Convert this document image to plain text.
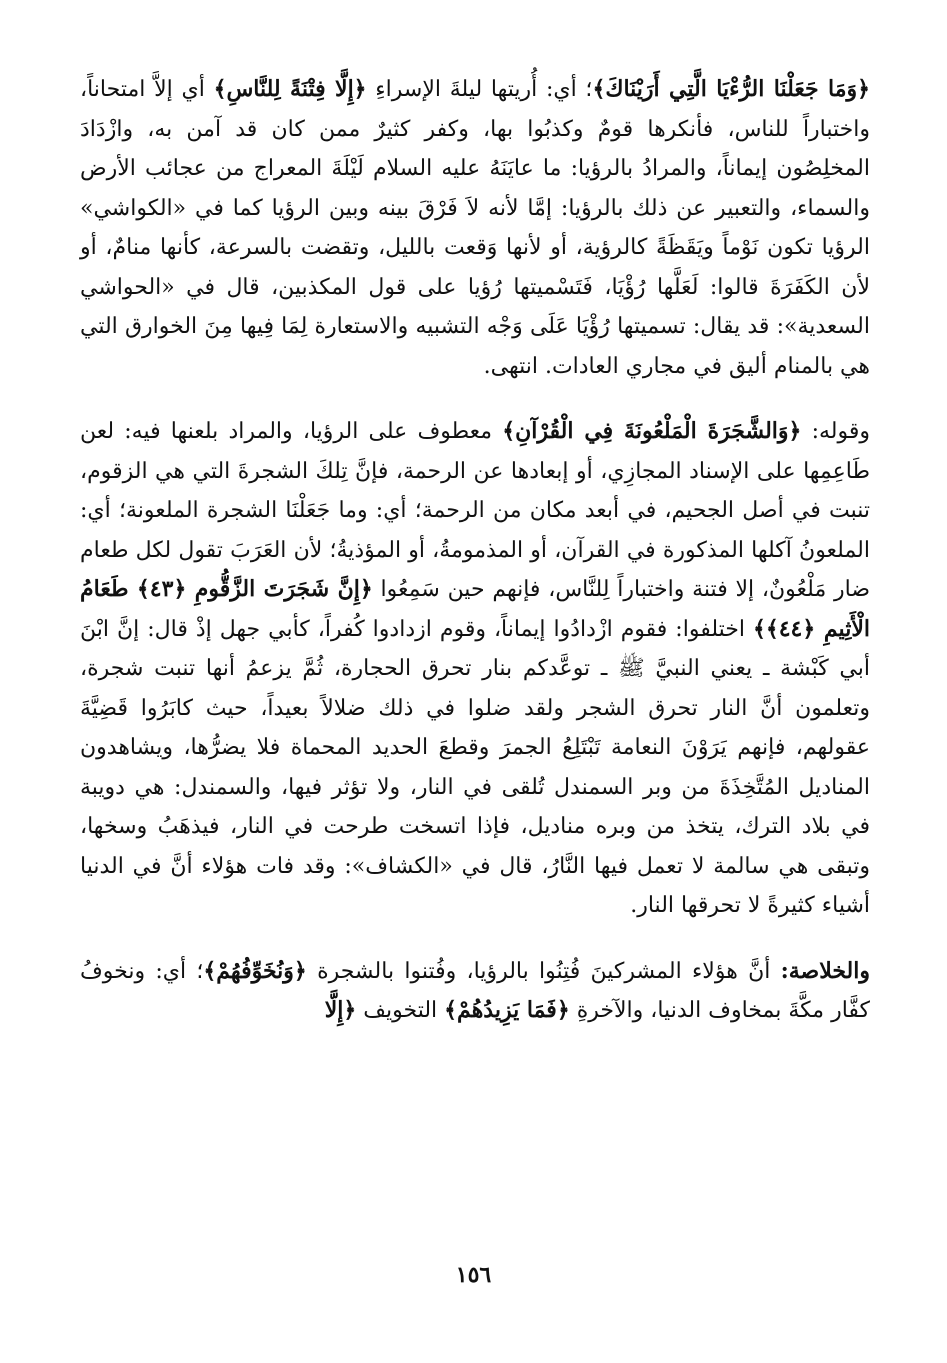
﴿وَمَا جَعَلْنَا الرُّءْيَا الَّتِي أَرَيْنَاكَ﴾؛ أي: أُريتها ليلةَ الإسراءِ ﴿إِلَّا فِتْنَةً لِلنَّاسِ﴾ أي إلاَّ امتحاناً، واختباراً للناس، فأنكرها قومٌ وكذبُوا بها، وكفر كثيرٌ ممن كان قد آمن به، وازْدَادَ المخلِصُون إيماناً، والمرادُ بالرؤيا: ما عايَنَهُ عليه السلام لَيْلَةَ المعراج من عجائب الأرض والسماء، والتعبير عن ذلك بالرؤيا: إمَّا لأنه لاَ فَرْقَ بينه وبين الرؤيا كما في «الكواشي» الرؤيا تكون نَوْماً ويَقَظَةً كالرؤية، أو لأنها وَقعت بالليل، وتقضت بالسرعة، كأنها منامٌ، أو لأن الكَفَرَةَ قالوا: لَعَلَّها رُؤْيَا، فَتَسْميتها رُؤيا على قول المكذبين، قال في «الحواشي السعدية»: قد يقال: تسميتها رُؤْيَا عَلَى وَجْه التشبيه والاستعارة لِمَا فِيها مِنَ الخوارق التي هي بالمنام أليق في مجاري العادات. انتهى.

وقوله: ﴿وَالشَّجَرَةَ الْمَلْعُونَةَ فِي الْقُرْآنِ﴾ معطوف على الرؤيا، والمراد بلعنها فيه: لعن طَاعِمِها على الإسناد المجازِي، أو إبعادها عن الرحمة، فإنَّ تِلكَ الشجرةَ التي هي الزقوم، تنبت في أصل الجحيم، في أبعد مكان من الرحمة؛ أي: وما جَعَلْنَا الشجرة الملعونة؛ أي: الملعونُ آكلها المذكورة في القرآن، أو المذمومةُ، أو المؤذيةُ؛ لأن العَرَبَ تقول لكل طعام ضار مَلْعُونٌ، إلا فتنة واختباراً لِلنَّاس، فإنهم حين سَمِعُوا ﴿إِنَّ شَجَرَتَ الزَّقُّومِ ﴿٤٣﴾ طَعَامُ الْأَثِيمِ ﴿٤٤﴾﴾ اختلفوا: فقوم ازْدادُوا إيماناً، وقوم ازدادوا كُفراً، كأبي جهل إذْ قال: إنَّ ابْنَ أبي كَبْشة ـ يعني النبيَّ ﷺ ـ توعَّدكم بنار تحرق الحجارة، ثُمَّ يزعمُ أنها تنبت شجرة، وتعلمون أنَّ النار تحرق الشجر ولقد ضلوا في ذلك ضلالاً بعيداً، حيث كابَرُوا قَضِيَّةَ عقولهم، فإنهم يَرَوْنَ النعامة تَبْتَلِعُ الجمرَ وقطعَ الحديد المحماة فلا يضرُّها، ويشاهدون المناديل المُتَّخِذَةَ من وبر السمندل تُلقى في النار، ولا تؤثر فيها، والسمندل: هي دويبة في بلاد الترك، يتخذ من وبره مناديل، فإذا اتسخت طرحت في النار، فيذهَبُ وسخها، وتبقى هي سالمة لا تعمل فيها النَّارُ، قال في «الكشاف»: وقد فات هؤلاء أنَّ في الدنيا أشياء كثيرةً لا تحرقها النار.

والخلاصة: أنَّ هؤلاء المشركينَ فُتِنُوا بالرؤيا، وفُتنوا بالشجرة ﴿وَنُخَوِّفُهُمْ﴾؛ أي: ونخوفُ كفَّار مكَّةَ بمخاوف الدنيا، والآخرةِ ﴿فَمَا يَزِيدُهُمْ﴾ التخويف ﴿إِلَّا

١٥٦
